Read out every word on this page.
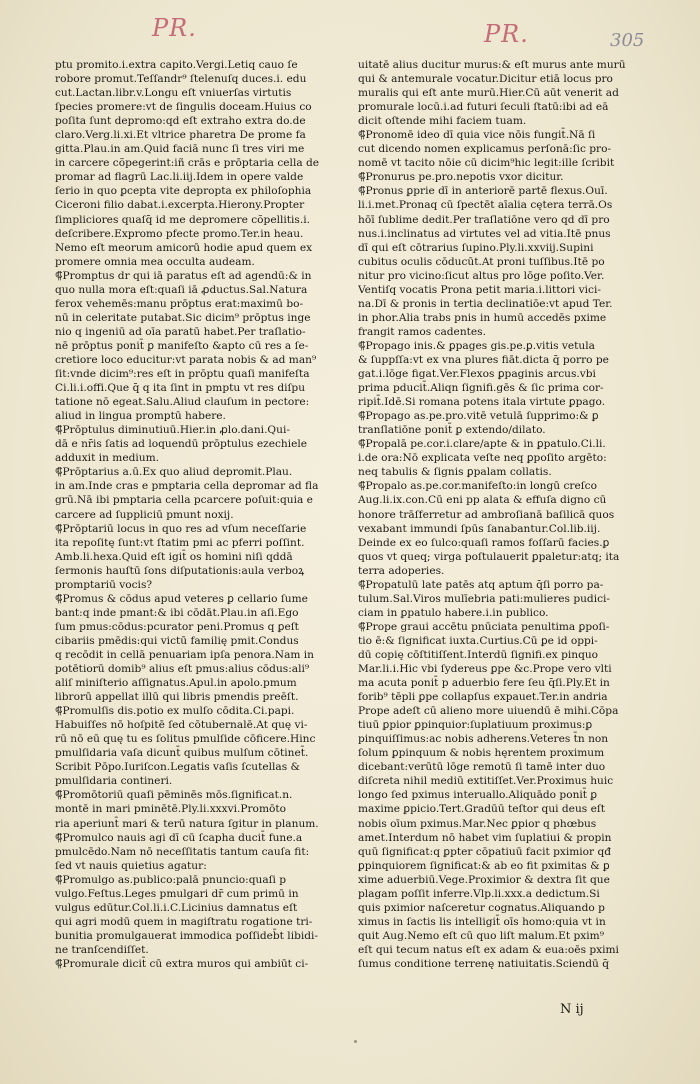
PR.	PR.	305
ptu promito.i.extra capito.Vergi.Letiq cauo ſe
robore promut.Teſſandr⁹ ſtelenuſq duces.i. edu
cut.Lactan.libr.v.Longu eſt vniuerſas virtutis
ſpecies promere:vt de ſingulis doceam.Huius co
poſita ſunt depromo:qd eſt extraho extra do.de
claro.Verg.li.xi.Et vltrice pharetra De prome fa
gitta.Plau.in am.Quid faciā nunc ſi tres viri me
in carcere cõpegerint:iñ crās e prōptaria cella de
promar ad flagrū Lac.li.iij.Idem in opere valde
ſerio in quo ꝑcepta vite depropta ex philoſophia
Ciceroni filio dabat.i.excerpta.Hierony.Propter
ſimpliciores quaſq̄ id me depromere cõpellitis.i.
deſcribere.Expromo pfecte promo.Ter.in heau.
Nemo eſt meorum amicorū hodie apud quem ex
promere omnia mea occulta audeam.
⸿Promptus dr qui iā paratus eſt ad agendū:& in
quo nulla mora eſt:quaſi iā ꝓductus.Sal.Natura
ferox vehemēs:manu prōptus erat:maximū bo-
nū in celeritate putabat.Sic dicim⁹ prōptus inge
nio q ingeniū ad oīa paratū habet.Per traſlatio-
nē prōptus ponit̄ ꝑ manifeſto &apto cū res a ſe-
cretiore loco educitur:vt parata nobis & ad man⁹
ſit:vnde dicim⁹:res eſt in prōptu quaſi manifeſta
Ci.li.i.offi.Que q̄ q ita ſint in pmptu vt res diſpu
tatione nō egeat.Salu.Aliud clauſum in pectore:
aliud in lingua promptū habere.
⸿Prōptulus diminutiuū.Hier.in ꝓlo.dani.Qui-
dā e nr̄is ſatis ad loquendū prōptulus ezechiele
adduxit in medium.
⸿Prōptarius a.ū.Ex quo aliud depromit.Plau.
in am.Inde cras e pmptaria cella depromar ad fla
grū.Nā ibi pmptaria cella pcarcere poſuit:quia e
carcere ad ſuppliciū pmunt noxij.
⸿Prōptariū locus in quo res ad vſum neceſſarie
ita repoſitę ſunt:vt ſtatim pmi ac pferri poſſint.
Amb.li.hexa.Quid eſt igit̄ os homini niſi qddā
ſermonis hauſtū ſons diſputationis:aula verboꝝ
promptariū vocis?
⸿Promus & cōdus apud veteres ꝑ cellario ſume
bant:q inde pmant:& ibi cōdāt.Plau.in aſi.Ego
ſum pmus:cōdus:pcurator peni.Promus q ꝑeſt
cibariis pmēdis:qui victū familię pmit.Condus
q recōdit in cellā penuariam ipſa penora.Nam in
potētiorū domib⁹ alius eſt pmus:alius cōdus:ali⁹
aliſ miniſterio aſſignatus.Apul.in apolo.pmum
librorū appellat illū qui libris pmendis preēſt.
⸿Promulſis dis.potio ex mulſo cōdita.Ci.papi.
Habuiſſes nō hoſpitē ſed cōtubernalē.At quę vi-
rū nō eū quę tu es ſolitus pmulſide cōficere.Hinc
pmulſidaria vaſa dicunt̄ quibus mulſum cōtinet̄.
Scribit Pōpo.Iuriſcon.Legatis vaſis ſcutellas &
pmulſidaria contineri.
⸿Promōtoriū quaſi pēminēs mōs.ſignificat.n.
montē in mari pminētē.Ply.li.xxxvi.Promōto
ria aperiunt̄ mari & terū natura ſgitur in planum.
⸿Promulco nauis agi dī cū ſcapha ducit̄ fune.a
pmulcēdo.Nam nō neceſſitatis tantum cauſa fit:
ſed vt nauis quietius agatur:
⸿Promulgo as.publico:palā pnuncio:quaſi p
vulgo.Feſtus.Leges pmulgari dr̄ cum primū in
vulgus edūtur.Col.li.i.C.Licinius damnatus eſt
qui agri modū quem in magiſtratu rogatione tri-
bunitia promulgauerat immodica poſſideb̄t libidi-
ne tranſcendiſſet.
⸿Promurale dicit̄ cū extra muros qui ambiūt ci-
uitatē alius ducitur murus:& eſt murus ante murū
qui & antemurale vocatur.Dicitur etiā locus pro
muralis qui eſt ante murū.Hier.Cū aūt venerit ad
promurale locū.i.ad futuri ſeculi ſtatū:ibi ad eā
dicit oſtende mihi faciem tuam.
⸿Pronomē ideo dī quia vice nōis fungit̄.Nā ſi
cut dicendo nomen explicamus perſonā:ſic pro-
nomē vt tacito nōie cū dicim⁹hic legit:ille ſcribit
⸿Pronurus pe.pro.nepotis vxor dicitur.
⸿Pronus ꝑprie dī in anteriorē partē flexus.Ouī.
li.i.met.Pronaq cū ſpectēt aīalia cętera terrā.Os
hōī ſublime dedit.Per traſlatiōne vero qd dī pro
nus.i.inclinatus ad virtutes vel ad vitia.Itē pnus
dī qui eſt cōtrarius ſupino.Ply.li.xxviij.Supini
cubitus oculis cōducūt.At proni tuſſibus.Itē po
nitur pro vicino:ſicut altus pro lōge poſito.Ver.
Ventiſq vocatis Prona petit maria.i.littori vici-
na.Dī & pronis in tertia declinatiōe:vt apud Ter.
in phor.Alia trabs pnis in humū accedēs pxime
frangit ramos cadentes.
⸿Propago inis.& ꝑpages gis.pe.ꝑ.vitis vetula
& ſuppſſa:vt ex vna plures fiāt.dicta q̄ porro pe
gat.i.lōge figat.Ver.Flexos ꝑpaginis arcus.vbi
prima pducit̄.Aliqn ſignifi.gēs & ſic prima cor-
ripit̄.Idē.Si romana potens itala virtute ꝑpago.
⸿Propago as.pe.pro.vitē vetulā ſupprimo:& ꝑ
tranſlatiōne ponit̄ ꝑ extendo/dilato.
⸿Propalā pe.cor.i.clare/apte & in ꝑpatulo.Ci.li.
i.de ora:Nō explicata veſte neq ꝑpoſito argēto:
neq tabulis & ſignis ꝑpalam collatis.
⸿Propalo as.pe.cor.manifeſto:in longū creſco
Aug.li.ix.con.Cū eni pp alata & effuſa digno cū
honore trāſferretur ad ambroſianā baſilicā quos
vexabant immundi ſpūs ſanabantur.Col.lib.iij.
Deinde ex eo ſulco:quaſi ramos foſſarū facies.ꝑ
quos vt queq; virga poſtulauerit ꝑpaletur:atq; ita
terra adoperies.
⸿Propatulū late patēs atq aptum q̄ſi porro pa-
tulum.Sal.Viros mulīebria pati:mulieres pudici-
ciam in ꝑpatulo habere.i.in publico.
⸿Prope graui accētu pnūciata penultima ꝑpoſi-
tio ē:& ſignificat iuxta.Curtius.Cū ꝑe id oppi-
dū copię cōſtitiſſent.Interdū ſignifi.ex pinquo
Mar.li.i.Hic vbi ſydereus ꝑpe &c.Prope vero vlti
ma acuta ponit̄ p aduerbio fere ſeu q̄ſi.Ply.Et in
forib⁹ tēpli ꝑpe collapſus expauet.Ter.in andria
Prope adeſt cū alieno more uiuendū ē mihi.Cōpa
tiuū ꝑpior ꝑpinquior:ſuplatiuum proximus:ꝑ
pinquiſſimus:ac nobis adherens.Veteres t̄n non
ſolum ꝑpinquum & nobis hęrentem proximum
dicebant:verūtū lōge remotū ſi tamē inter duo
diſcreta nihil mediū extitiſſet.Ver.Proximus huic
longo ſed pximus interuallo.Aliquādo ponit̄ ꝑ
maxime ꝑpicio.Tert.Gradūū teſtor qui deus eſt
nobis oīum pximus.Mar.Nec ꝑpior q phœbus
amet.Interdum nō habet vim ſuplatiui & propin
quū ſignificat:q ꝑpter cōpatiuū facit pximior qđ
ꝑpinquiorem ſignificat:& ab eo fit pximitas & ꝑ
xime aduerbiū.Vege.Proximior & dextra ſit que
plagam poſſit inferre.Vlp.li.xxx.a dedictum.Si
quis pximior naſceretur cognatus.Aliquando p
ximus in ſactis lis intelligit̄ oīs homo:quia vt in
quit Aug.Nemo eſt cū quo liſt malum.Et pxim⁹
eſt qui tecum natus eſt ex adam & eua:oēs pximi
ſumus conditione terrenę natiuitatis.Sciendū q̄
N ij
